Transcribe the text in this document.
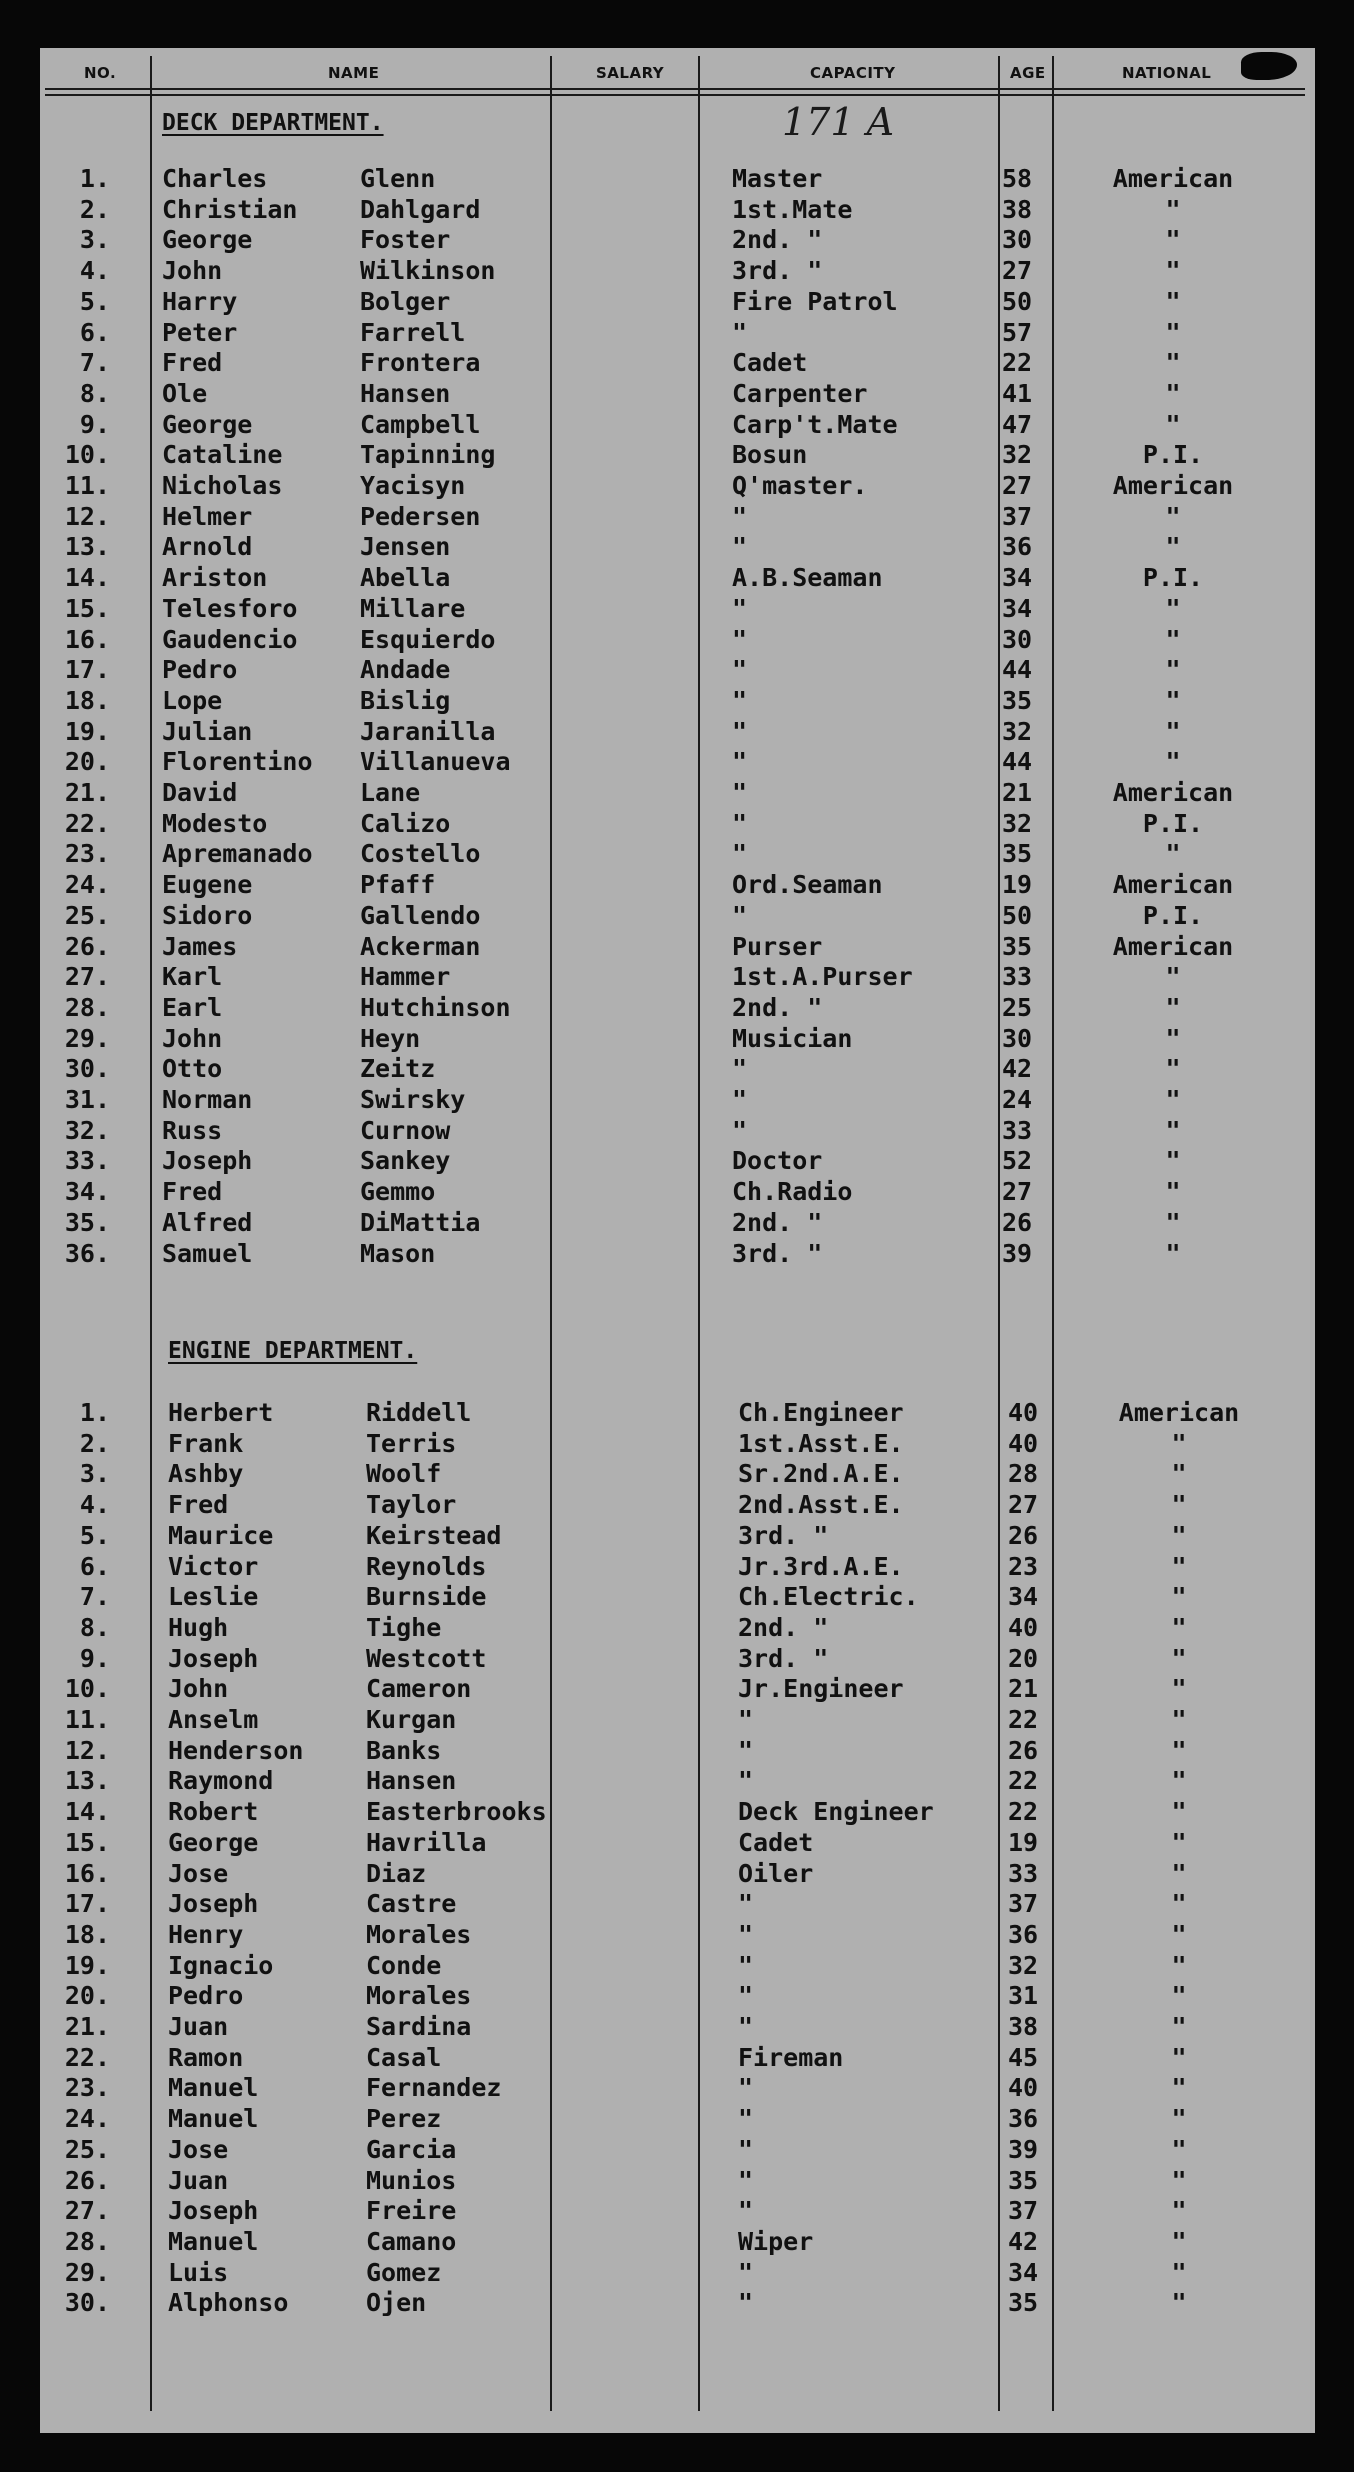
NO.	NAME	SALARY	CAPACITY	AGE	NATIONAL
171 A
DECK DEPARTMENT.
1. Charles	Glenn	Master	58	American
2. Christian	Dahlgard	1st.Mate	38	"
3. George	Foster	2nd. "	30	"
4. John	Wilkinson	3rd. "	27	"
5. Harry	Bolger	Fire Patrol	50	"
6. Peter	Farrell	"	57	"
7. Fred	Frontera	Cadet	22	"
8. Ole	Hansen	Carpenter	41	"
9. George	Campbell	Carp't.Mate	47	"
10. Cataline	Tapinning	Bosun	32	P.I.
11. Nicholas	Yacisyn	Q'master.	27	American
12. Helmer	Pedersen	"	37	"
13. Arnold	Jensen	"	36	"
14. Ariston	Abella	A.B.Seaman	34	P.I.
15. Telesforo	Millare	"	34	"
16. Gaudencio	Esquierdo	"	30	"
17. Pedro	Andade	"	44	"
18. Lope	Bislig	"	35	"
19. Julian	Jaranilla	"	32	"
20. Florentino Villanueva	"	44	"
21. David	Lane	"	21	American
22. Modesto	Calizo	"	32	P.I.
23. Apremanado Costello	"	35	"
24. Eugene	Pfaff	Ord.Seaman	19	American
25. Sidoro	Gallendo	"	50	P.I.
26. James	Ackerman	Purser	35	American
27. Karl	Hammer	1st.A.Purser	33	"
28. Earl	Hutchinson	2nd. "	25	"
29. John	Heyn	Musician	30	"
30. Otto	Zeitz	"	42	"
31. Norman	Swirsky	"	24	"
32. Russ	Curnow	"	33	"
33. Joseph	Sankey	Doctor	52	"
34. Fred	Gemmo	Ch.Radio	27	"
35. Alfred	DiMattia	2nd. "	26	"
36. Samuel	Mason	3rd. "	39	"
ENGINE DEPARTMENT.
1. Herbert	Riddell	Ch.Engineer	40	American
2. Frank	Terris	1st.Asst.E.	40	"
3. Ashby	Woolf	Sr.2nd.A.E.	28	"
4. Fred	Taylor	2nd.Asst.E.	27	"
5. Maurice	Keirstead	3rd. "	26	"
6. Victor	Reynolds	Jr.3rd.A.E.	23	"
7. Leslie	Burnside	Ch.Electric.	34	"
8. Hugh	Tighe	2nd. "	40	"
9. Joseph	Westcott	3rd. "	20	"
10. John	Cameron	Jr.Engineer	21	"
11. Anselm	Kurgan	"	22	"
12. Henderson	Banks	"	26	"
13. Raymond	Hansen	"	22	"
14. Robert	Easterbrooks	Deck Engineer	22	"
15. George	Havrilla	Cadet	19	"
16. Jose	Diaz	Oiler	33	"
17. Joseph	Castre	"	37	"
18. Henry	Morales	"	36	"
19. Ignacio	Conde	"	32	"
20. Pedro	Morales	"	31	"
21. Juan	Sardina	"	38	"
22. Ramon	Casal	Fireman	45	"
23. Manuel	Fernandez	"	40	"
24. Manuel	Perez	"	36	"
25. Jose	Garcia	"	39	"
26. Juan	Munios	"	35	"
27. Joseph	Freire	"	37	"
28. Manuel	Camano	Wiper	42	"
29. Luis	Gomez	"	34	"
30. Alphonso	Ojen	"	35	"
